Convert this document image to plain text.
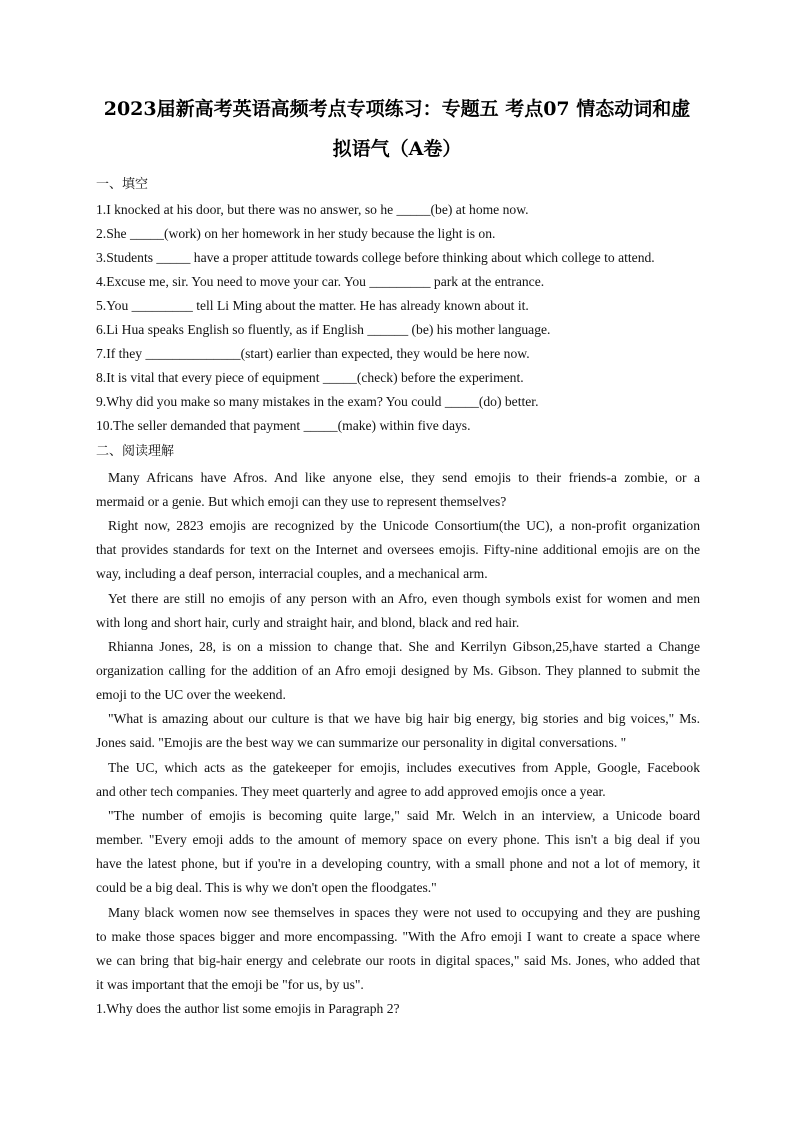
2023届新高考英语高频考点专项练习：专题五 考点07 情态动词和虚
拟语气（A卷）
一、填空
1.I knocked at his door, but there was no answer, so he _____(be) at home now.
2.She _____(work) on her homework in her study because the light is on.
3.Students _____ have a proper attitude towards college before thinking about which college to attend.
4.Excuse me, sir. You need to move your car. You _________ park at the entrance.
5.You _________ tell Li Ming about the matter. He has already known about it.
6.Li Hua speaks English so fluently, as if English ______ (be) his mother language.
7.If they ______________(start) earlier than expected, they would be here now.
8.It is vital that every piece of equipment _____(check) before the experiment.
9.Why did you make so many mistakes in the exam? You could _____(do) better.
10.The seller demanded that payment _____(make) within five days.
二、阅读理解
Many Africans have Afros. And like anyone else, they send emojis to their friends-a zombie, or a
mermaid or a genie. But which emoji can they use to represent themselves?
Right now, 2823 emojis are recognized by the Unicode Consortium(the UC), a non-profit organization
that provides standards for text on the Internet and oversees emojis. Fifty-nine additional emojis are on the
way, including a deaf person, interracial couples, and a mechanical arm.
Yet there are still no emojis of any person with an Afro, even though symbols exist for women and men
with long and short hair, curly and straight hair, and blond, black and red hair.
Rhianna Jones, 28, is on a mission to change that. She and Kerrilyn Gibson,25,have started a Change
organization calling for the addition of an Afro emoji designed by Ms. Gibson. They planned to submit the
emoji to the UC over the weekend.
"What is amazing about our culture is that we have big hair big energy, big stories and big voices," Ms.
Jones said. "Emojis are the best way we can summarize our personality in digital conversations. "
The UC, which acts as the gatekeeper for emojis, includes executives from Apple, Google, Facebook
and other tech companies. They meet quarterly and agree to add approved emojis once a year.
"The number of emojis is becoming quite large," said Mr. Welch in an interview, a Unicode board
member. "Every emoji adds to the amount of memory space on every phone. This isn't a big deal if you
have the latest phone, but if you're in a developing country, with a small phone and not a lot of memory, it
could be a big deal. This is why we don't open the floodgates."
Many black women now see themselves in spaces they were not used to occupying and they are pushing
to make those spaces bigger and more encompassing. "With the Afro emoji I want to create a space where
we can bring that big-hair energy and celebrate our roots in digital spaces," said Ms. Jones, who added that
it was important that the emoji be "for us, by us".
1.Why does the author list some emojis in Paragraph 2?
